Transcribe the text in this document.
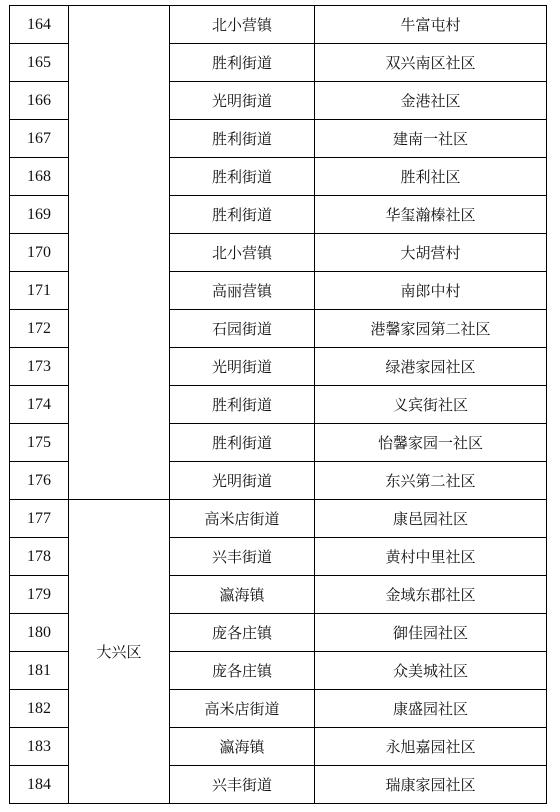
164		北小营镇	牛富屯村
165		胜利街道	双兴南区社区
166		光明街道	金港社区
167		胜利街道	建南一社区
168		胜利街道	胜利社区
169		胜利街道	华玺瀚榛社区
170		北小营镇	大胡营村
171		高丽营镇	南郎中村
172		石园街道	港馨家园第二社区
173		光明街道	绿港家园社区
174		胜利街道	义宾街社区
175		胜利街道	怡馨家园一社区
176		光明街道	东兴第二社区
177	大兴区	高米店街道	康邑园社区
178		兴丰街道	黄村中里社区
179		瀛海镇	金域东郡社区
180		庞各庄镇	御佳园社区
181		庞各庄镇	众美城社区
182		高米店街道	康盛园社区
183		瀛海镇	永旭嘉园社区
184		兴丰街道	瑞康家园社区
